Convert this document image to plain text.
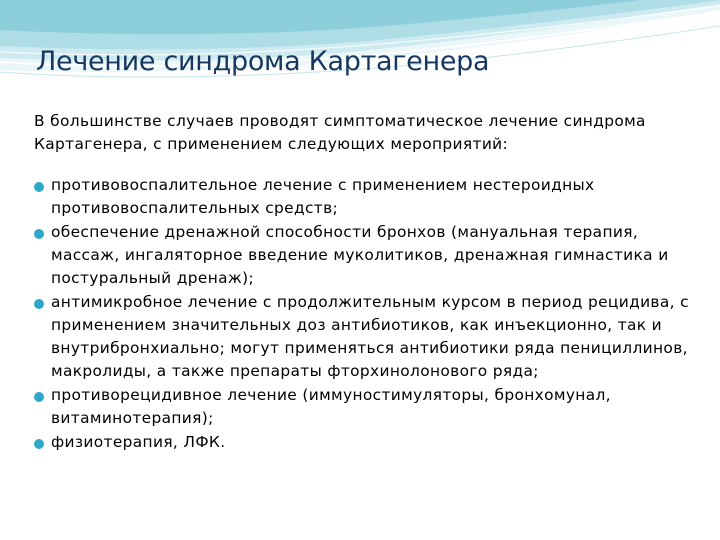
Лечение синдрома Картагенера

В большинстве случаев проводят симптоматическое лечение синдрома Картагенера, с применением следующих мероприятий:

противовоспалительное лечение с применением нестероидных противовоспалительных средств;
обеспечение дренажной способности бронхов (мануальная терапия, массаж, ингаляторное введение муколитиков, дренажная гимнастика и постуральный дренаж);
антимикробное лечение с продолжительным курсом в период рецидива, с применением значительных доз антибиотиков, как инъекционно, так и внутрибронхиально; могут применяться антибиотики ряда пенициллинов, макролиды, а также препараты фторхинолонового ряда;
противорецидивное лечение (иммуностимуляторы, бронхомунал, витаминотерапия);
физиотерапия, ЛФК.
